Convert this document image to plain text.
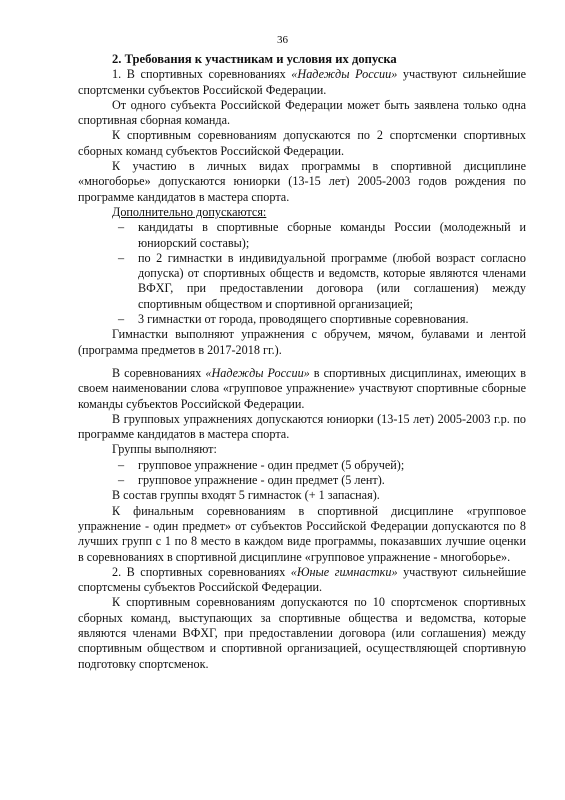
36

2. Требования к участникам и условия их допуска

1. В спортивных соревнованиях «Надежды России» участвуют сильнейшие спортсменки субъектов Российской Федерации.

От одного субъекта Российской Федерации может быть заявлена только одна спортивная сборная команда.

К спортивным соревнованиям допускаются по 2 спортсменки спортивных сборных команд субъектов Российской Федерации.

К участию в личных видах программы в спортивной дисциплине «многоборье» допускаются юниорки (13-15 лет) 2005-2003 годов рождения по программе кандидатов в мастера спорта.

Дополнительно допускаются:

– кандидаты в спортивные сборные команды России (молодежный и юниорский составы);
– по 2 гимнастки в индивидуальной программе (любой возраст согласно допуска) от спортивных обществ и ведомств, которые являются членами ВФХГ, при предоставлении договора (или соглашения) между спортивным обществом и спортивной организацией;
– 3 гимнастки от города, проводящего спортивные соревнования.

Гимнастки выполняют упражнения с обручем, мячом, булавами и лентой (программа предметов в 2017-2018 гг.).

В соревнованиях «Надежды России» в спортивных дисциплинах, имеющих в своем наименовании слова «групповое упражнение» участвуют спортивные сборные команды субъектов Российской Федерации.

В групповых упражнениях допускаются юниорки (13-15 лет) 2005-2003 г.р. по программе кандидатов в мастера спорта.

Группы выполняют:

– групповое упражнение - один предмет (5 обручей);
– групповое упражнение - один предмет (5 лент).

В состав группы входят 5 гимнасток (+ 1 запасная).

К финальным соревнованиям в спортивной дисциплине «групповое упражнение - один предмет» от субъектов Российской Федерации допускаются по 8 лучших групп с 1 по 8 место в каждом виде программы, показавших лучшие оценки в соревнованиях в спортивной дисциплине «групповое упражнение - многоборье».

2. В спортивных соревнованиях «Юные гимнастки» участвуют сильнейшие спортсмены субъектов Российской Федерации.

К спортивным соревнованиям допускаются по 10 спортсменок спортивных сборных команд, выступающих за спортивные общества и ведомства, которые являются членами ВФХГ, при предоставлении договора (или соглашения) между спортивным обществом и спортивной организацией, осуществляющей спортивную подготовку спортсменок.
